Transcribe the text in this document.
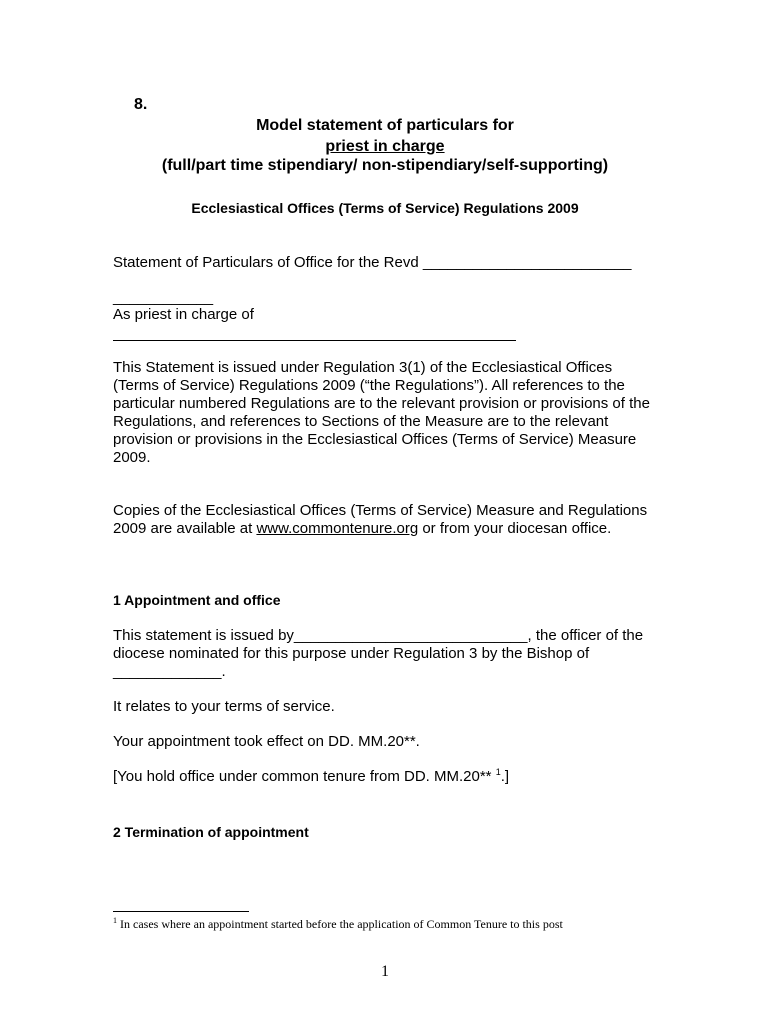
8.
Model statement of particulars for
priest in charge
(full/part time stipendiary/ non-stipendiary/self-supporting)
Ecclesiastical Offices (Terms of Service) Regulations 2009
Statement of Particulars of Office for the Revd _________________________
____________
As priest in charge of
This Statement is issued under Regulation 3(1) of the Ecclesiastical Offices
(Terms of Service) Regulations 2009 (“the Regulations”). All references to the
particular numbered Regulations are to the relevant provision or provisions of the
Regulations, and references to Sections of the Measure are to the relevant
provision or provisions in the Ecclesiastical Offices (Terms of Service) Measure
2009.
Copies of the Ecclesiastical Offices (Terms of Service) Measure and Regulations
2009 are available at www.commontenure.org or from your diocesan office.
1 Appointment and office
This statement is issued by____________________________, the officer of the
diocese nominated for this purpose under Regulation 3 by the Bishop of
_____________.
It relates to your terms of service.
Your appointment took effect on DD. MM.20**.
[You hold office under common tenure from DD. MM.20** $^1$.]
2 Termination of appointment
$^1$ In cases where an appointment started before the application of Common Tenure to this post
1
